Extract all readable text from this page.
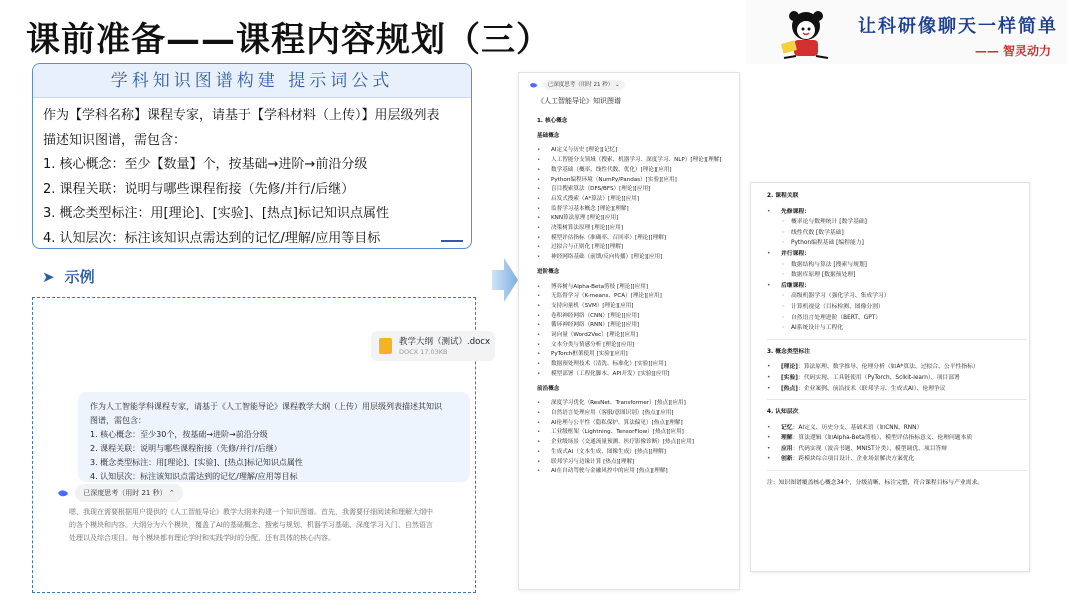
课前准备——课程内容规划（三）	让科研像聊天一样简单
—— 智灵动力
学科知识图谱构建 提示词公式
作为【学科名称】课程专家，请基于【学科材料（上传）】用层级列表
描述知识图谱，需包含：
1. 核心概念：至少【数量】个，按基础→进阶→前沿分级
2. 课程关联：说明与哪些课程衔接（先修/并行/后继）
3. 概念类型标注：用[理论]、[实验]、[热点]标记知识点属性
4. 认知层次：标注该知识点需达到的记忆/理解/应用等目标
➤ 示例
教学大纲（测试）.docx
DOCX 17.03KB
作为人工智能学科课程专家，请基于《人工智能导论》课程教学大纲（上传）用层级列表描述其知识
图谱，需包含：
1. 核心概念：至少30个，按基础→进阶→前沿分级
2. 课程关联：说明与哪些课程衔接（先修/并行/后继）
3. 概念类型标注：用[理论]、[实验]、[热点]标记知识点属性
4. 认知层次：标注该知识点需达到的记忆/理解/应用等目标
已深度思考（用时 21 秒） ⌃
嗯，我现在需要根据用户提供的《人工智能导论》教学大纲来构建一个知识图谱。首先，我需要仔细阅读和理解大纲中
的各个模块和内容。大纲分为六个模块，覆盖了AI的基础概念、搜索与规划、机器学习基础、深度学习入门、自然语言
处理以及综合项目。每个模块都有理论学时和实践学时的分配，还有具体的核心内容。
已深度思考（用时 21 秒） ⌄
《人工智能导论》知识图谱
1. 核心概念
基础概念
•	AI定义与历史 [理论][记忆]
•	人工智能分支领域（搜索、机器学习、深度学习、NLP）[理论][理解]
•	数学基础（概率、线性代数、优化）[理论][应用]
•	Python编程环境（NumPy/Pandas）[实验][应用]
•	盲目搜索算法（DFS/BFS）[理论][应用]
•	启发式搜索（A*算法）[理论][应用]
•	监督学习基本概念 [理论][理解]
•	KNN算法原理 [理论][应用]
•	决策树算法原理 [理论][应用]
•	模型评估指标（准确率、召回率）[理论][理解]
•	过拟合与正则化 [理论][理解]
•	神经网络基础（前馈/反向传播）[理论][应用]
进阶概念
•	博弈树与Alpha-Beta剪枝 [理论][应用]
•	无监督学习（K-means、PCA）[理论][应用]
•	支持向量机（SVM）[理论][应用]
•	卷积神经网络（CNN）[理论][应用]
•	循环神经网络（RNN）[理论][应用]
•	词向量（Word2Vec）[理论][应用]
•	文本分类与情感分析 [理论][应用]
•	PyTorch框架使用 [实验][应用]
•	数据预处理技术（清洗、标准化）[实验][应用]
•	模型部署（工程化脚本、API开发）[实验][应用]
前沿概念
•	深度学习优化（ResNet、Transformer）[热点][应用]
•	自然语言处理应用（客服/意图识别）[热点][应用]
•	AI伦理与公平性（隐私保护、算法偏见）[热点][理解]
•	工业级框架（Lightning、TensorFlow）[热点][应用]
•	企业级场景（交通流量预测、医疗影像诊断）[热点][应用]
•	生成式AI（文本生成、图像生成）[热点][理解]
•	联邦学习与边缘计算 [热点][理解]
•	AI在自动驾驶与金融风控中的应用 [热点][理解]
2. 课程关联
•	先修课程：
◦	概率论与数理统计 [数学基础]
◦	线性代数 [数学基础]
◦	Python编程基础 [编程能力]
•	并行课程：
◦	数据结构与算法 [搜索与规划]
◦	数据库原理 [数据预处理]
•	后继课程：
◦	高级机器学习（强化学习、集成学习）
◦	计算机视觉（目标检测、图像分割）
◦	自然语言处理进阶（BERT、GPT）
◦	AI系统设计与工程化
3. 概念类型标注
•	[理论]：算法原理、数学推导、伦理分析（如A*算法、过拟合、公平性指标）
•	[实验]：代码实现、工具链使用（PyTorch、Scikit-learn）、项目部署
•	[热点]：企业案例、前沿技术（联邦学习、生成式AI）、伦理争议
4. 认知层次
•	记忆：AI定义、历史分支、基础术语（如CNN、RNN）
•	理解：算法逻辑（如Alpha-Beta剪枝）、模型评估指标意义、伦理问题本质
•	应用：代码实现（波音书题、MNIST分类）、模型调优、项目答辩
•	创新：跨模块综合项目设计、企业场景解决方案优化
注：知识图谱覆盖核心概念34个，分级清晰，标注完整，符合课程目标与产业需求。
